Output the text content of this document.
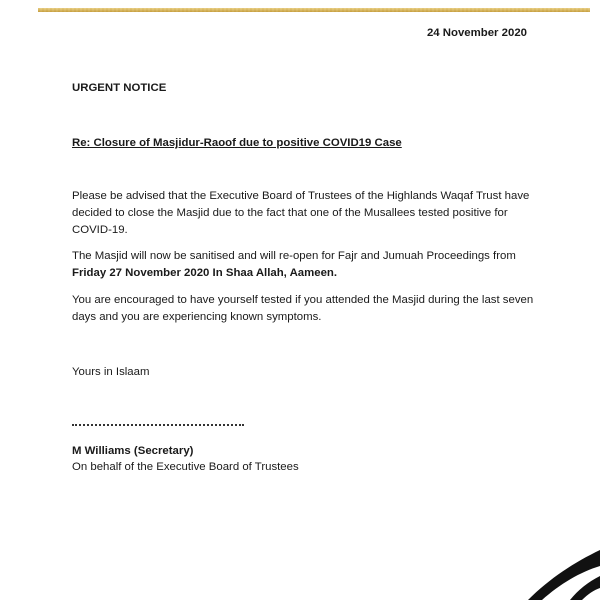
24 November 2020
URGENT NOTICE
Re: Closure of Masjidur-Raoof due to positive COVID19 Case

Please be advised that the Executive Board of Trustees of the Highlands Waqaf Trust have decided to close the Masjid due to the fact that one of the Musallees tested positive for COVID-19.

The Masjid will now be sanitised and will re-open for Fajr and Jumuah Proceedings from Friday 27 November 2020 In Shaa Allah, Aameen.

You are encouraged to have yourself tested if you attended the Masjid during the last seven days and you are experiencing known symptoms.

Yours in Islaam
M Williams (Secretary)
On behalf of the Executive Board of Trustees
